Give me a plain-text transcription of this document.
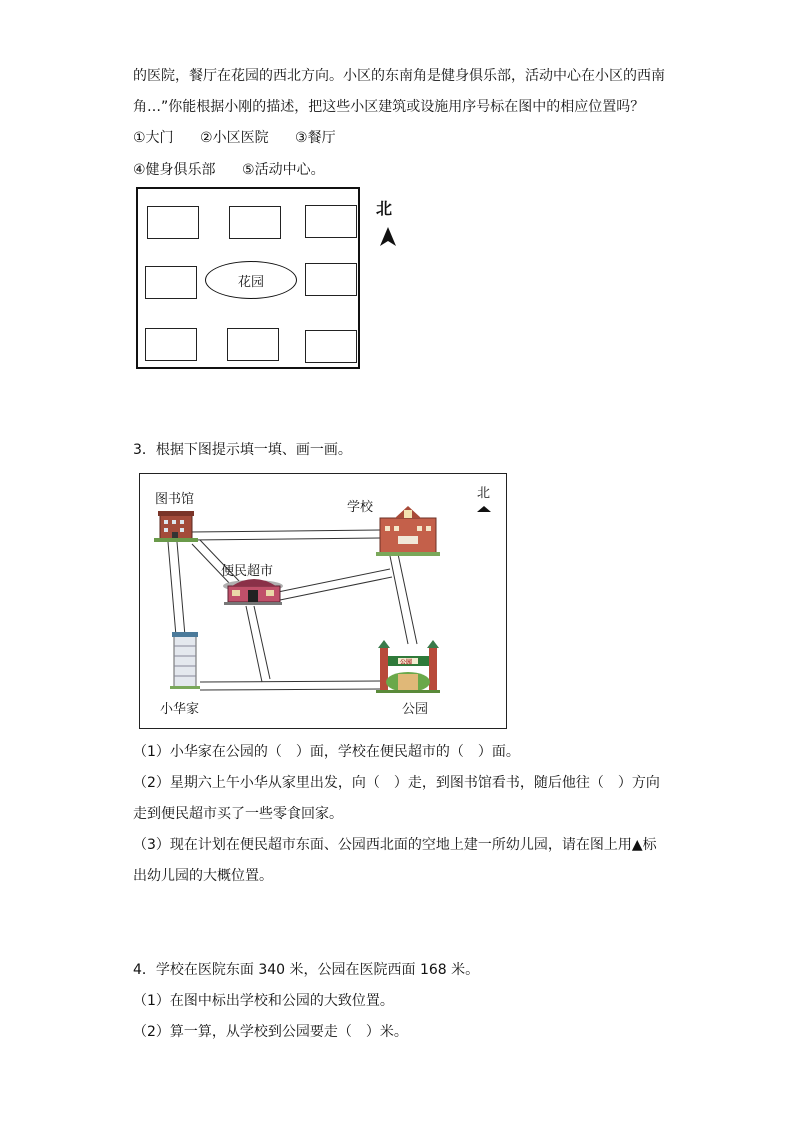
的医院，餐厅在花园的西北方向。小区的东南角是健身俱乐部，活动中心在小区的西南
角…”你能根据小刚的描述，把这些小区建筑或设施用序号标在图中的相应位置吗？
①大门 ②小区医院 ③餐厅
④健身俱乐部 ⑤活动中心。
花园
北
3．根据下图提示填一填、画一画。
图书馆
学校
便民超市
小华家	公园
北
公园
（1）小华家在公园的（　）面，学校在便民超市的（　）面。
（2）星期六上午小华从家里出发，向（　）走，到图书馆看书，随后他往（　）方向
走到便民超市买了一些零食回家。
（3）现在计划在便民超市东面、公园西北面的空地上建一所幼儿园，请在图上用▲标
出幼儿园的大概位置。
4．学校在医院东面 340 米，公园在医院西面 168 米。
（1）在图中标出学校和公园的大致位置。
（2）算一算，从学校到公园要走（　）米。
